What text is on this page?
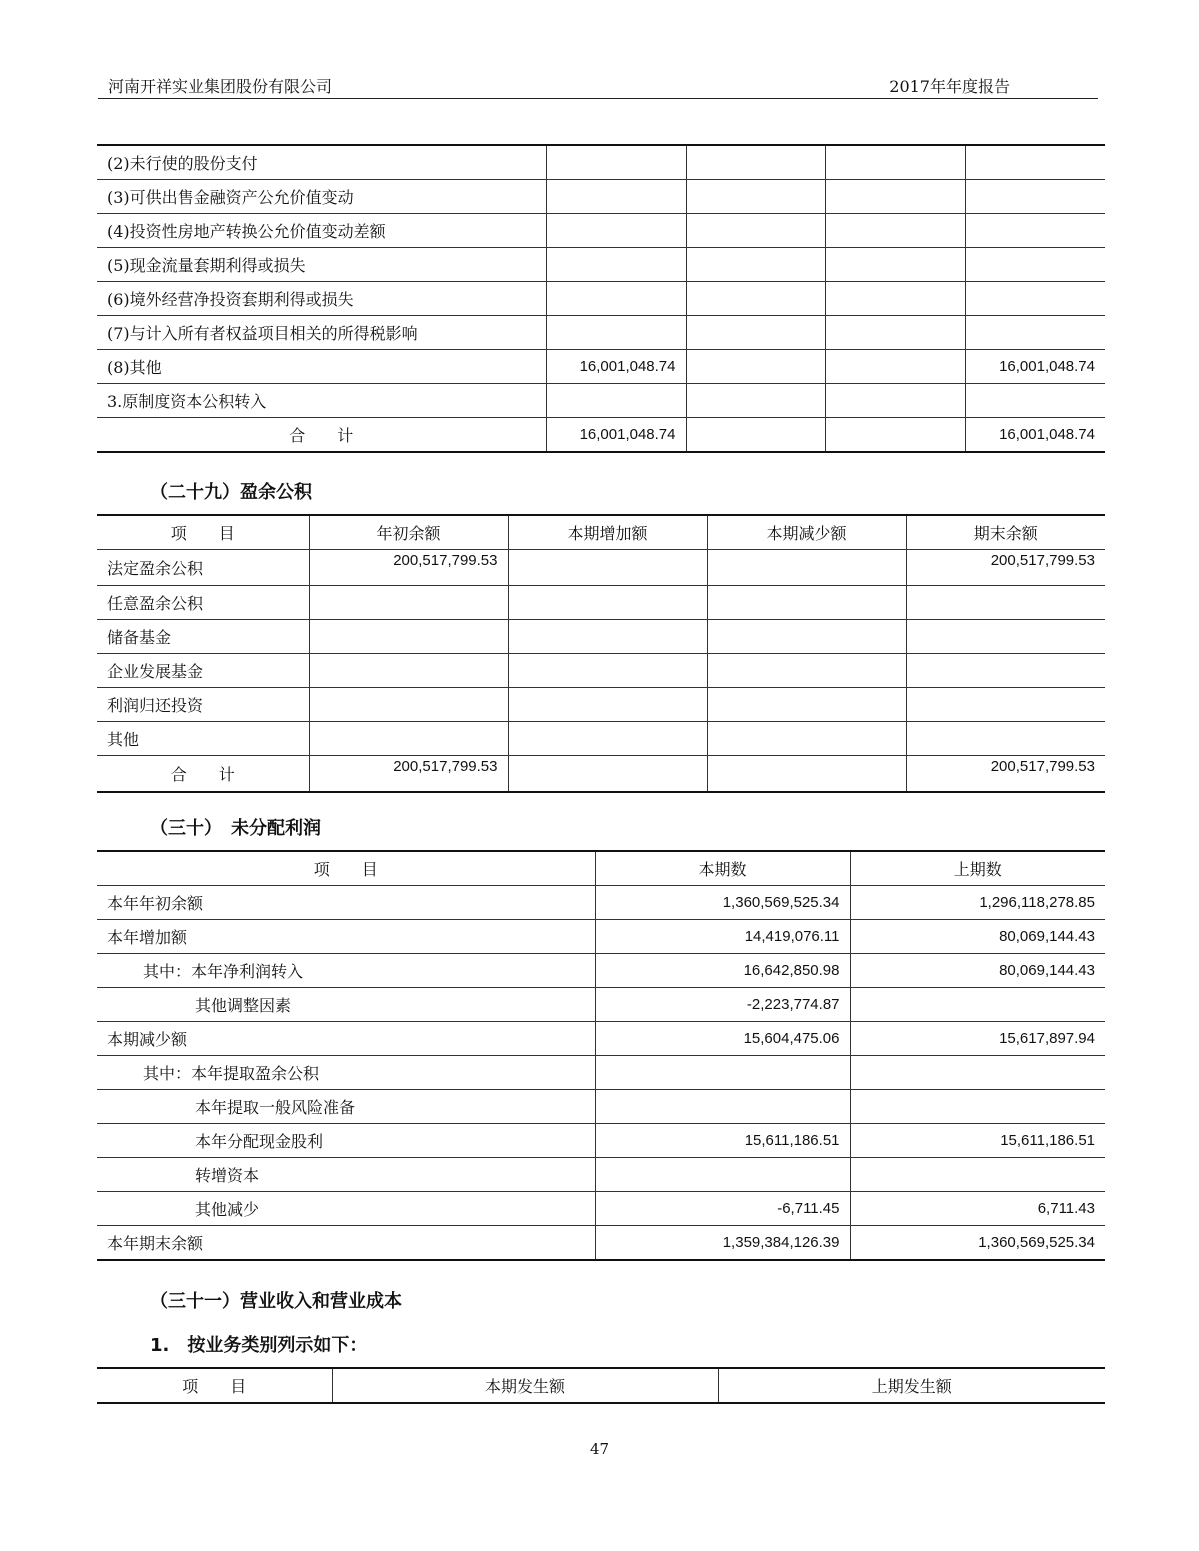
河南开祥实业集团股份有限公司	2017年年度报告
(2)未行使的股份支付				
(3)可供出售金融资产公允价值变动				
(4)投资性房地产转换公允价值变动差额				
(5)现金流量套期利得或损失				
(6)境外经营净投资套期利得或损失				
(7)与计入所有者权益项目相关的所得税影响				
(8)其他	16,001,048.74			16,001,048.74
3.原制度资本公积转入				
合　　计	16,001,048.74			16,001,048.74
（二十九）盈余公积
项　　目	年初余额	本期增加额	本期减少额	期末余额
法定盈余公积	200,517,799.53			200,517,799.53
任意盈余公积				
储备基金				
企业发展基金				
利润归还投资				
其他				
合　　计	200,517,799.53			200,517,799.53
（三十）　未分配利润
项　　目	本期数	上期数
本年年初余额	1,360,569,525.34	1,296,118,278.85
本年增加额	14,419,076.11	80,069,144.43
其中：本年净利润转入	16,642,850.98	80,069,144.43
其他调整因素	-2,223,774.87	
本期减少额	15,604,475.06	15,617,897.94
其中：本年提取盈余公积		
本年提取一般风险准备		
本年分配现金股利	15,611,186.51	15,611,186.51
转增资本		
其他减少	-6,711.45	6,711.43
本年期末余额	1,359,384,126.39	1,360,569,525.34
（三十一）营业收入和营业成本
1.　按业务类别列示如下：
项　　目	本期发生额	上期发生额
47
